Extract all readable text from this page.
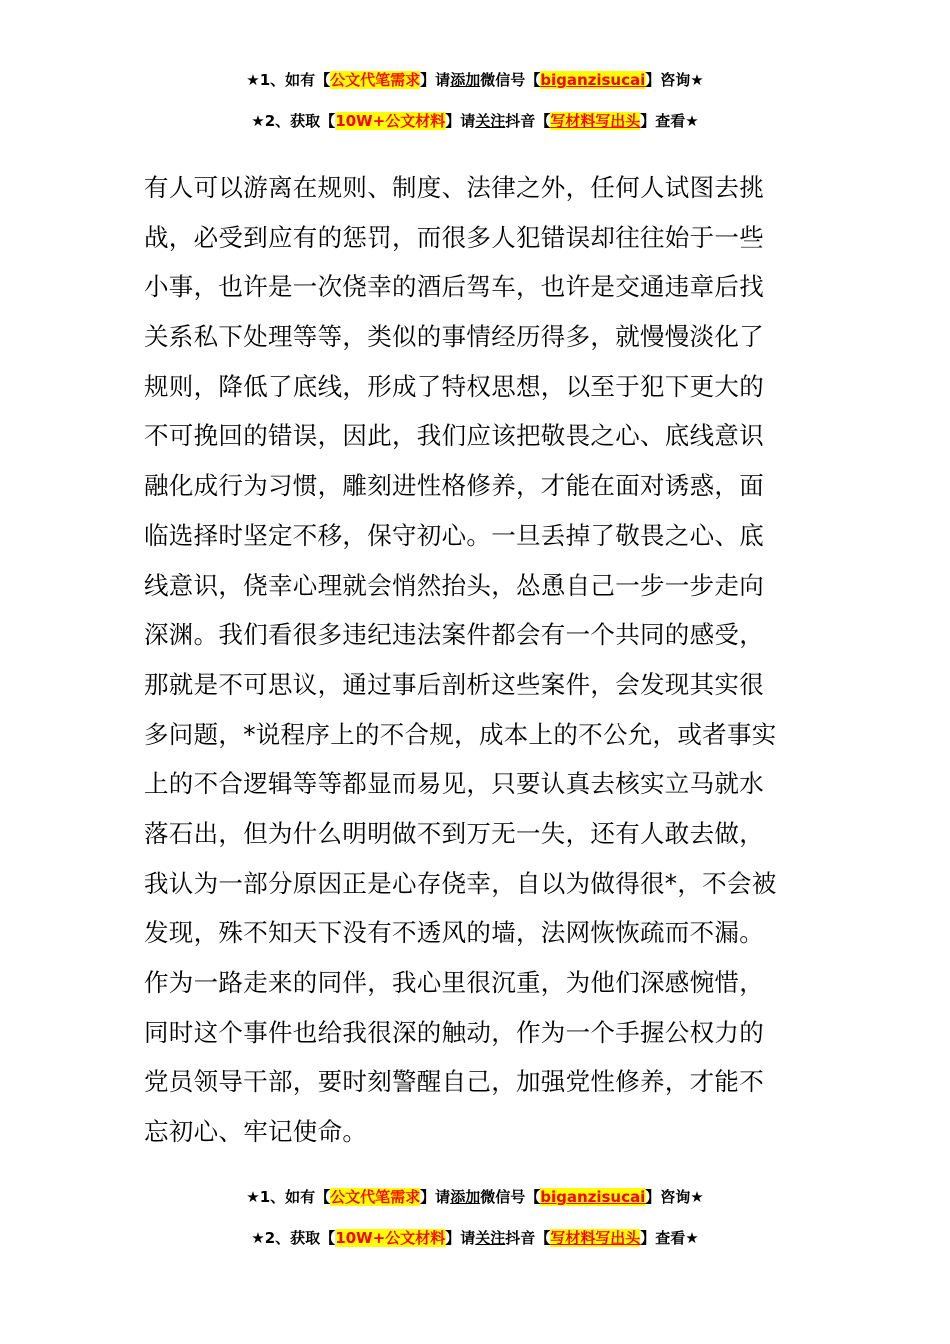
★1、如有【公文代笔需求】请添加微信号【biganzisucai】咨询★
★2、获取【10W+公文材料】请关注抖音【写材料写出头】查看★
有人可以游离在规则、制度、法律之外，任何人试图去挑
战，必受到应有的惩罚，而很多人犯错误却往往始于一些
小事，也许是一次侥幸的酒后驾车，也许是交通违章后找
关系私下处理等等，类似的事情经历得多，就慢慢淡化了
规则，降低了底线，形成了特权思想，以至于犯下更大的
不可挽回的错误，因此，我们应该把敬畏之心、底线意识
融化成行为习惯，雕刻进性格修养，才能在面对诱惑，面
临选择时坚定不移，保守初心。一旦丢掉了敬畏之心、底
线意识，侥幸心理就会悄然抬头，怂恿自己一步一步走向
深渊。我们看很多违纪违法案件都会有一个共同的感受，
那就是不可思议，通过事后剖析这些案件，会发现其实很
多问题，*说程序上的不合规，成本上的不公允，或者事实
上的不合逻辑等等都显而易见，只要认真去核实立马就水
落石出，但为什么明明做不到万无一失，还有人敢去做，
我认为一部分原因正是心存侥幸，自以为做得很*，不会被
发现，殊不知天下没有不透风的墙，法网恢恢疏而不漏。
作为一路走来的同伴，我心里很沉重，为他们深感惋惜，
同时这个事件也给我很深的触动，作为一个手握公权力的
党员领导干部，要时刻警醒自己，加强党性修养，才能不
忘初心、牢记使命。
★1、如有【公文代笔需求】请添加微信号【biganzisucai】咨询★
★2、获取【10W+公文材料】请关注抖音【写材料写出头】查看★
